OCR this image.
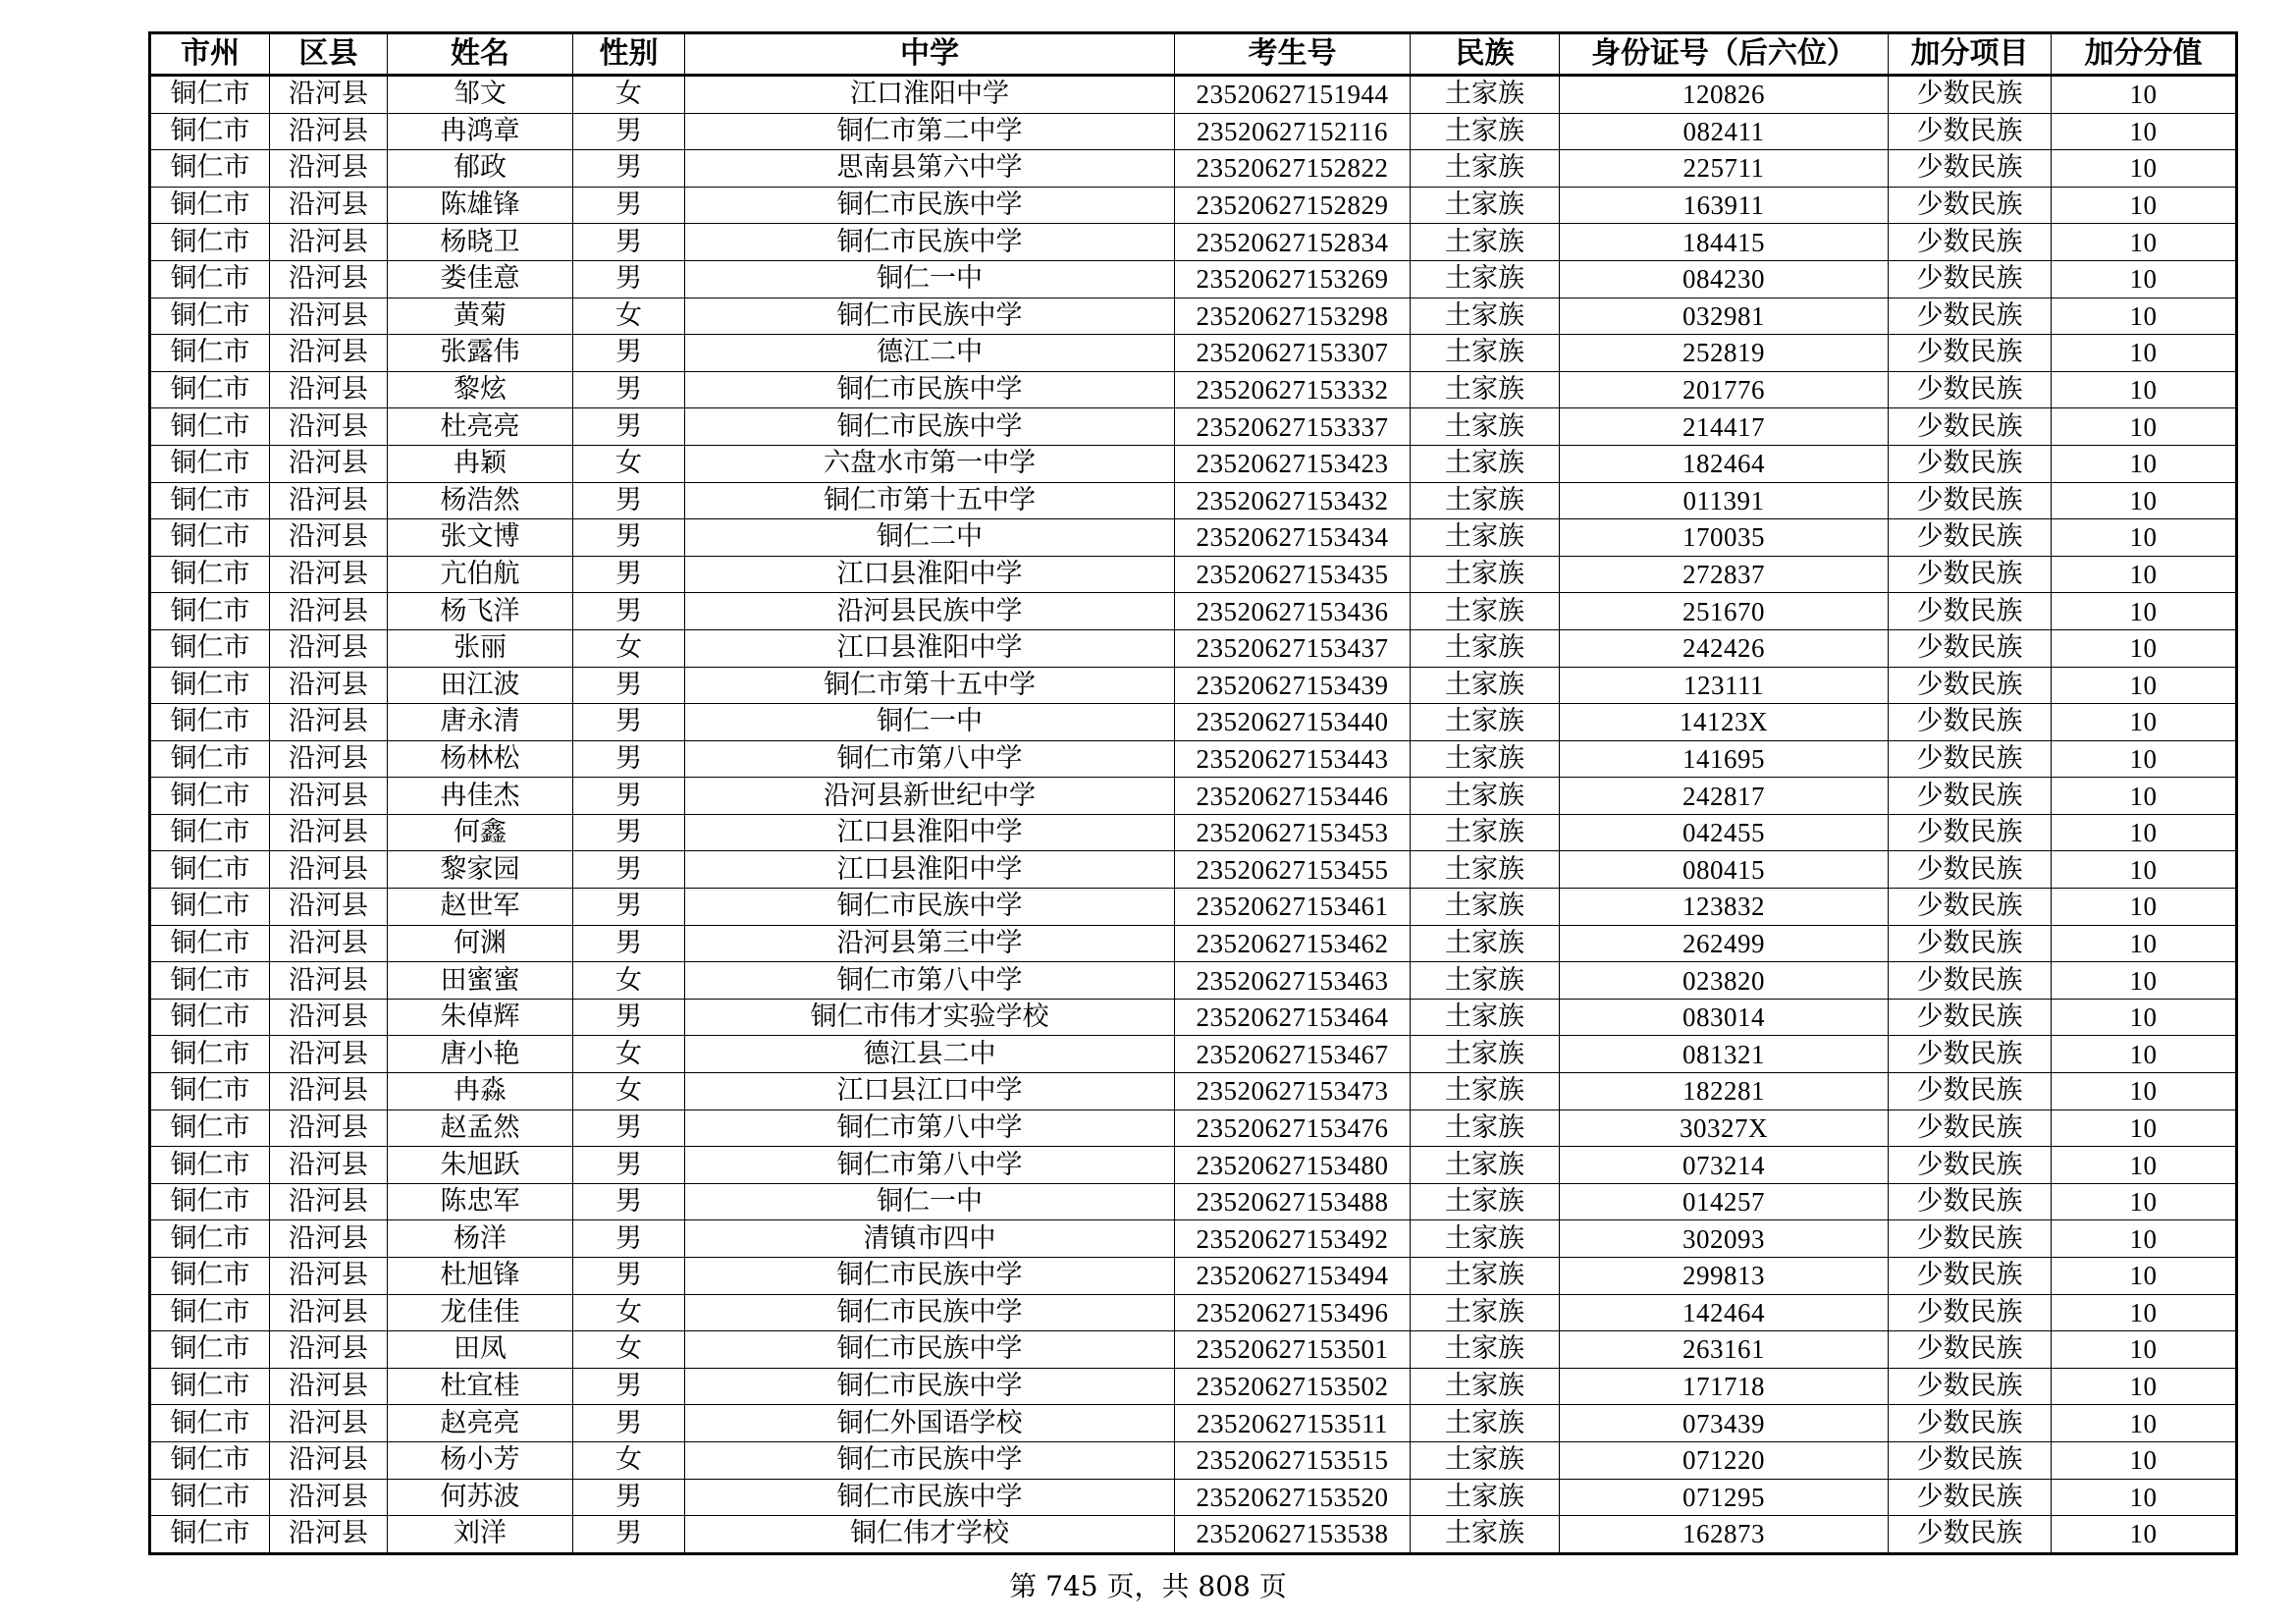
市州	区县	姓名	性别	中学	考生号	民族	身份证号（后六位）	加分项目	加分分值
铜仁市	沿河县	邹文	女	江口淮阳中学	23520627151944	土家族	120826	少数民族	10
铜仁市	沿河县	冉鸿章	男	铜仁市第二中学	23520627152116	土家族	082411	少数民族	10
铜仁市	沿河县	郁政	男	思南县第六中学	23520627152822	土家族	225711	少数民族	10
铜仁市	沿河县	陈雄锋	男	铜仁市民族中学	23520627152829	土家族	163911	少数民族	10
铜仁市	沿河县	杨晓卫	男	铜仁市民族中学	23520627152834	土家族	184415	少数民族	10
铜仁市	沿河县	娄佳意	男	铜仁一中	23520627153269	土家族	084230	少数民族	10
铜仁市	沿河县	黄菊	女	铜仁市民族中学	23520627153298	土家族	032981	少数民族	10
铜仁市	沿河县	张露伟	男	德江二中	23520627153307	土家族	252819	少数民族	10
铜仁市	沿河县	黎炫	男	铜仁市民族中学	23520627153332	土家族	201776	少数民族	10
铜仁市	沿河县	杜亮亮	男	铜仁市民族中学	23520627153337	土家族	214417	少数民族	10
铜仁市	沿河县	冉颖	女	六盘水市第一中学	23520627153423	土家族	182464	少数民族	10
铜仁市	沿河县	杨浩然	男	铜仁市第十五中学	23520627153432	土家族	011391	少数民族	10
铜仁市	沿河县	张文博	男	铜仁二中	23520627153434	土家族	170035	少数民族	10
铜仁市	沿河县	亢伯航	男	江口县淮阳中学	23520627153435	土家族	272837	少数民族	10
铜仁市	沿河县	杨飞洋	男	沿河县民族中学	23520627153436	土家族	251670	少数民族	10
铜仁市	沿河县	张丽	女	江口县淮阳中学	23520627153437	土家族	242426	少数民族	10
铜仁市	沿河县	田江波	男	铜仁市第十五中学	23520627153439	土家族	123111	少数民族	10
铜仁市	沿河县	唐永清	男	铜仁一中	23520627153440	土家族	14123X	少数民族	10
铜仁市	沿河县	杨林松	男	铜仁市第八中学	23520627153443	土家族	141695	少数民族	10
铜仁市	沿河县	冉佳杰	男	沿河县新世纪中学	23520627153446	土家族	242817	少数民族	10
铜仁市	沿河县	何鑫	男	江口县淮阳中学	23520627153453	土家族	042455	少数民族	10
铜仁市	沿河县	黎家园	男	江口县淮阳中学	23520627153455	土家族	080415	少数民族	10
铜仁市	沿河县	赵世军	男	铜仁市民族中学	23520627153461	土家族	123832	少数民族	10
铜仁市	沿河县	何渊	男	沿河县第三中学	23520627153462	土家族	262499	少数民族	10
铜仁市	沿河县	田蜜蜜	女	铜仁市第八中学	23520627153463	土家族	023820	少数民族	10
铜仁市	沿河县	朱倬辉	男	铜仁市伟才实验学校	23520627153464	土家族	083014	少数民族	10
铜仁市	沿河县	唐小艳	女	德江县二中	23520627153467	土家族	081321	少数民族	10
铜仁市	沿河县	冉淼	女	江口县江口中学	23520627153473	土家族	182281	少数民族	10
铜仁市	沿河县	赵孟然	男	铜仁市第八中学	23520627153476	土家族	30327X	少数民族	10
铜仁市	沿河县	朱旭跃	男	铜仁市第八中学	23520627153480	土家族	073214	少数民族	10
铜仁市	沿河县	陈忠军	男	铜仁一中	23520627153488	土家族	014257	少数民族	10
铜仁市	沿河县	杨洋	男	清镇市四中	23520627153492	土家族	302093	少数民族	10
铜仁市	沿河县	杜旭锋	男	铜仁市民族中学	23520627153494	土家族	299813	少数民族	10
铜仁市	沿河县	龙佳佳	女	铜仁市民族中学	23520627153496	土家族	142464	少数民族	10
铜仁市	沿河县	田凤	女	铜仁市民族中学	23520627153501	土家族	263161	少数民族	10
铜仁市	沿河县	杜宜桂	男	铜仁市民族中学	23520627153502	土家族	171718	少数民族	10
铜仁市	沿河县	赵亮亮	男	铜仁外国语学校	23520627153511	土家族	073439	少数民族	10
铜仁市	沿河县	杨小芳	女	铜仁市民族中学	23520627153515	土家族	071220	少数民族	10
铜仁市	沿河县	何苏波	男	铜仁市民族中学	23520627153520	土家族	071295	少数民族	10
铜仁市	沿河县	刘洋	男	铜仁伟才学校	23520627153538	土家族	162873	少数民族	10
第 745 页，共 808 页
